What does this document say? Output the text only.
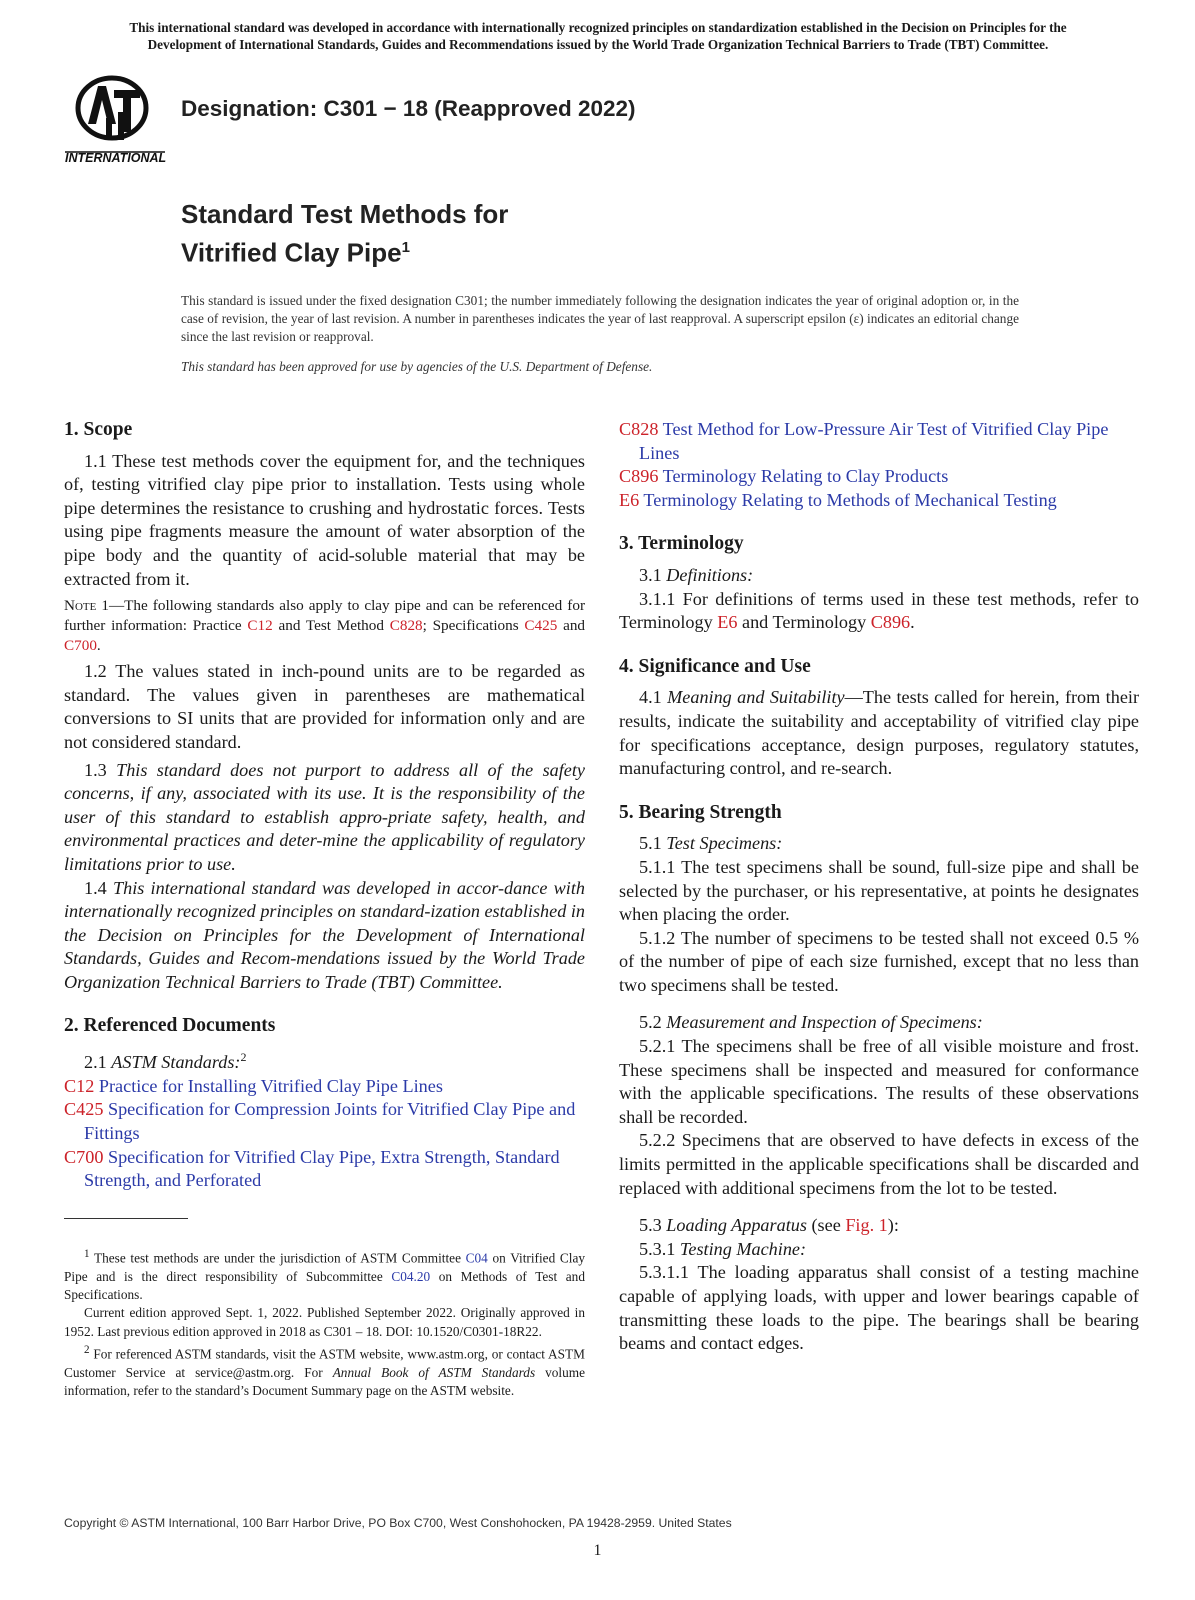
This international standard was developed in accordance with internationally recognized principles on standardization established in the Decision on Principles for the
Development of International Standards, Guides and Recommendations issued by the World Trade Organization Technical Barriers to Trade (TBT) Committee.
INTERNATIONAL
Designation: C301 − 18 (Reapproved 2022)
Standard Test Methods for
Vitrified Clay Pipe$^1$
This standard is issued under the fixed designation C301; the number immediately following the designation indicates the year of original adoption or, in the case of revision, the year of last revision. A number in parentheses indicates the year of last reapproval. A superscript epsilon (ε) indicates an editorial change since the last revision or reapproval.
This standard has been approved for use by agencies of the U.S. Department of Defense.

1. Scope

1.1 These test methods cover the equipment for, and the techniques of, testing vitrified clay pipe prior to installation. Tests using whole pipe determines the resistance to crushing and hydrostatic forces. Tests using pipe fragments measure the amount of water absorption of the pipe body and the quantity of acid-soluble material that may be extracted from it.

Note 1—The following standards also apply to clay pipe and can be referenced for further information: Practice C12 and Test Method C828; Specifications C425 and C700.

1.2 The values stated in inch-pound units are to be regarded as standard. The values given in parentheses are mathematical conversions to SI units that are provided for information only and are not considered standard.

1.3 This standard does not purport to address all of the safety concerns, if any, associated with its use. It is the responsibility of the user of this standard to establish appro-priate safety, health, and environmental practices and deter-mine the applicability of regulatory limitations prior to use.

1.4 This international standard was developed in accor-dance with internationally recognized principles on standard-ization established in the Decision on Principles for the Development of International Standards, Guides and Recom-mendations issued by the World Trade Organization Technical Barriers to Trade (TBT) Committee.

2. Referenced Documents

2.1 ASTM Standards:$^2$

C12 Practice for Installing Vitrified Clay Pipe Lines

C425 Specification for Compression Joints for Vitrified Clay Pipe and Fittings

C700 Specification for Vitrified Clay Pipe, Extra Strength, Standard Strength, and Perforated

$^1$ These test methods are under the jurisdiction of ASTM Committee C04 on Vitrified Clay Pipe and is the direct responsibility of Subcommittee C04.20 on Methods of Test and Specifications.

Current edition approved Sept. 1, 2022. Published September 2022. Originally approved in 1952. Last previous edition approved in 2018 as C301 – 18. DOI: 10.1520/C0301-18R22.

$^2$ For referenced ASTM standards, visit the ASTM website, www.astm.org, or contact ASTM Customer Service at service@astm.org. For Annual Book of ASTM Standards volume information, refer to the standard’s Document Summary page on the ASTM website.

C828 Test Method for Low-Pressure Air Test of Vitrified Clay Pipe Lines

C896 Terminology Relating to Clay Products

E6 Terminology Relating to Methods of Mechanical Testing

3. Terminology

3.1 Definitions:

3.1.1 For definitions of terms used in these test methods, refer to Terminology E6 and Terminology C896.

4. Significance and Use

4.1 Meaning and Suitability—The tests called for herein, from their results, indicate the suitability and acceptability of vitrified clay pipe for specifications acceptance, design purposes, regulatory statutes, manufacturing control, and re-search.

5. Bearing Strength

5.1 Test Specimens:

5.1.1 The test specimens shall be sound, full-size pipe and shall be selected by the purchaser, or his representative, at points he designates when placing the order.

5.1.2 The number of specimens to be tested shall not exceed 0.5 % of the number of pipe of each size furnished, except that no less than two specimens shall be tested.

5.2 Measurement and Inspection of Specimens:

5.2.1 The specimens shall be free of all visible moisture and frost. These specimens shall be inspected and measured for conformance with the applicable specifications. The results of these observations shall be recorded.

5.2.2 Specimens that are observed to have defects in excess of the limits permitted in the applicable specifications shall be discarded and replaced with additional specimens from the lot to be tested.

5.3 Loading Apparatus (see Fig. 1):

5.3.1 Testing Machine:

5.3.1.1 The loading apparatus shall consist of a testing machine capable of applying loads, with upper and lower bearings capable of transmitting these loads to the pipe. The bearings shall be bearing beams and contact edges.

Copyright © ASTM International, 100 Barr Harbor Drive, PO Box C700, West Conshohocken, PA 19428-2959. United States
1
